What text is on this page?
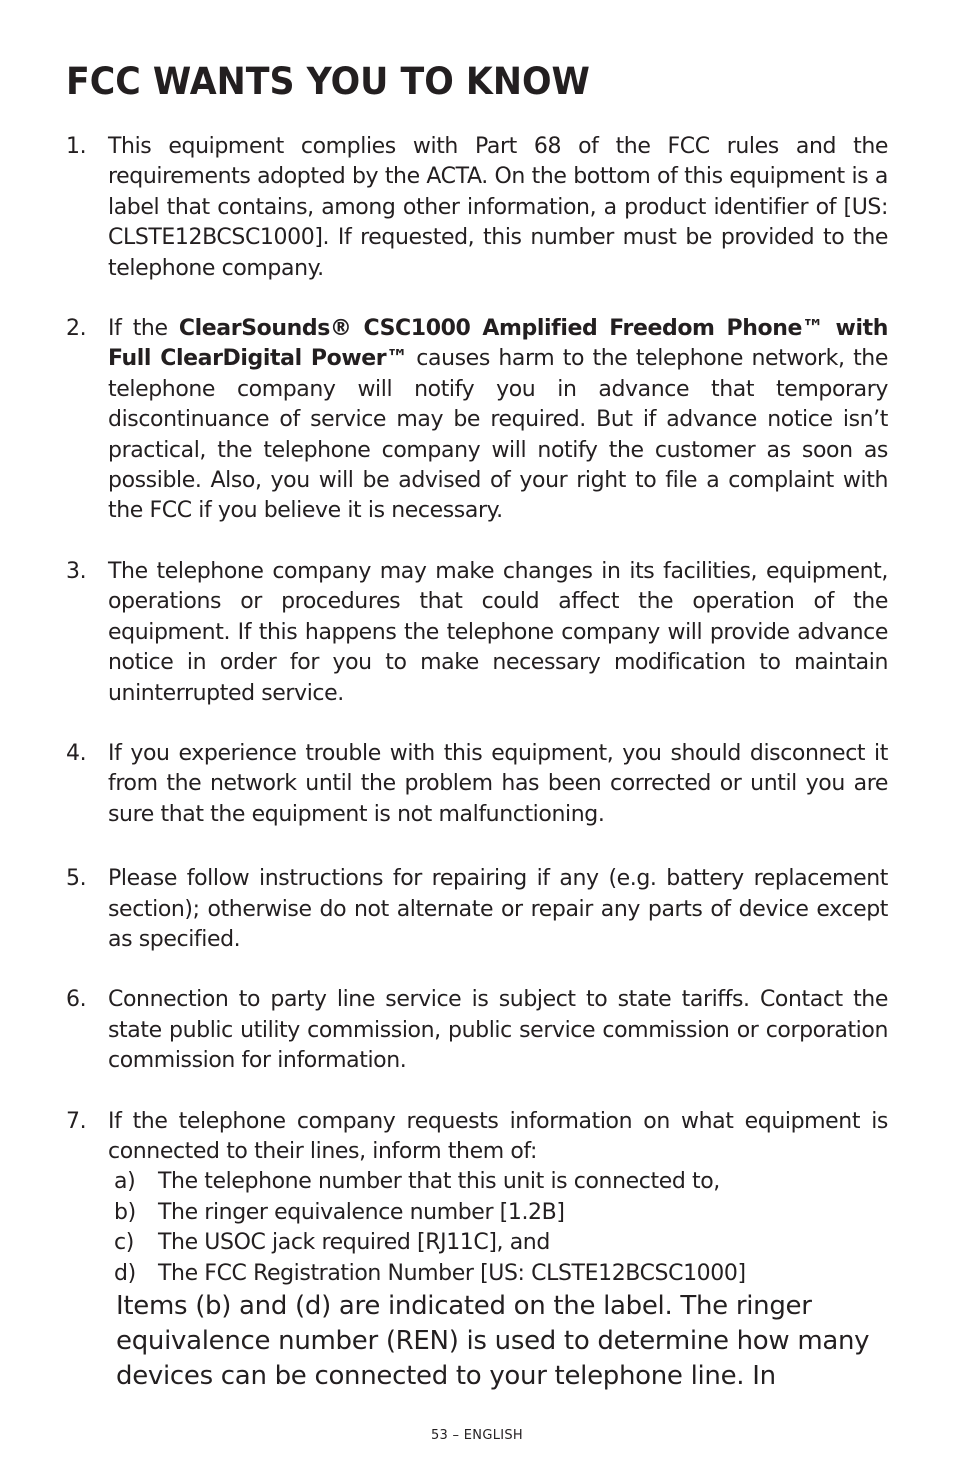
FCC WANTS YOU TO KNOW
1. This equipment complies with Part 68 of the FCC rules and the requirements adopted by the ACTA. On the bottom of this equipment is a label that contains, among other information, a product identifier of [US: CLSTE12BCSC1000]. If requested, this number must be provided to the telephone company.
2. If the ClearSounds® CSC1000 Amplified Freedom Phone™ with Full ClearDigital Power™ causes harm to the telephone network, the telephone company will notify you in advance that temporary discontinuance of service may be required. But if advance notice isn’t practical, the telephone company will notify the customer as soon as possible. Also, you will be advised of your right to file a complaint with the FCC if you believe it is necessary.
3. The telephone company may make changes in its facilities, equipment, operations or procedures that could affect the operation of the equipment. If this happens the telephone company will provide advance notice in order for you to make necessary modification to maintain uninterrupted service.
4. If you experience trouble with this equipment, you should disconnect it from the network until the problem has been corrected or until you are sure that the equipment is not malfunctioning.
5. Please follow instructions for repairing if any (e.g. battery replacement section); otherwise do not alternate or repair any parts of device except as specified.
6. Connection to party line service is subject to state tariffs. Contact the state public utility commission, public service commission or corporation commission for information.
7. If the telephone company requests information on what equipment is connected to their lines, inform them of:
a) The telephone number that this unit is connected to,
b) The ringer equivalence number [1.2B]
c) The USOC jack required [RJ11C], and
d) The FCC Registration Number [US: CLSTE12BCSC1000]
Items (b) and (d) are indicated on the label. The ringer equivalence number (REN) is used to determine how many devices can be connected to your telephone line. In
53 – ENGLISH
